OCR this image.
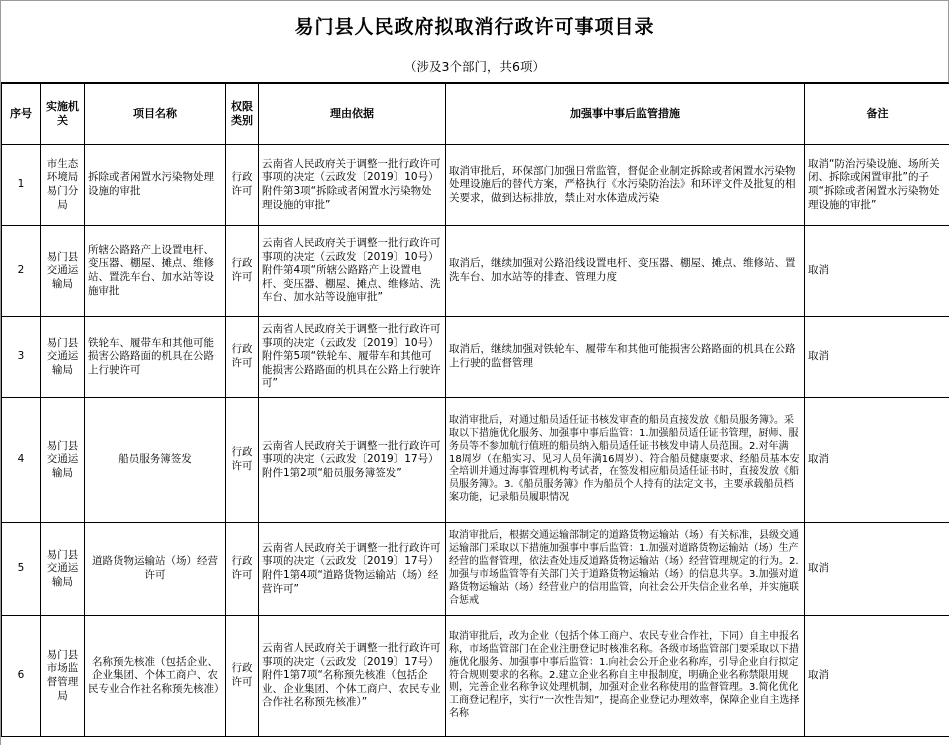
易门县人民政府拟取消行政许可事项目录
（涉及3个部门，共6项）
序号	实施机关	项目名称	权限类别	理由依据	加强事中事后监管措施	备注
1	市生态环境局易门分局	拆除或者闲置水污染物处理设施的审批	行政许可	云南省人民政府关于调整一批行政许可事项的决定（云政发〔2019〕10号）附件第3项“拆除或者闲置水污染物处理设施的审批”	取消审批后，环保部门加强日常监管，督促企业制定拆除或者闲置水污染物处理设施后的替代方案，严格执行《水污染防治法》和环评文件及批复的相关要求，做到达标排放，禁止对水体造成污染	取消“防治污染设施、场所关闭、拆除或闲置审批”的子项“拆除或者闲置水污染物处理设施的审批”
2	易门县交通运输局	所辖公路路产上设置电杆、变压器、棚屋、摊点、维修站、置洗车台、加水站等设施审批	行政许可	云南省人民政府关于调整一批行政许可事项的决定（云政发〔2019〕10号）附件第4项“所辖公路路产上设置电杆、变压器、棚屋、摊点、维修站、洗车台、加水站等设施审批”	取消后，继续加强对公路沿线设置电杆、变压器、棚屋、摊点、维修站、置洗车台、加水站等的排查、管理力度	取消
3	易门县交通运输局	铁轮车、履带车和其他可能损害公路路面的机具在公路上行驶许可	行政许可	云南省人民政府关于调整一批行政许可事项的决定（云政发〔2019〕10号）附件第5项“铁轮车、履带车和其他可能损害公路路面的机具在公路上行驶许可”	取消后，继续加强对铁轮车、履带车和其他可能损害公路路面的机具在公路上行驶的监督管理	取消
4	易门县交通运输局	船员服务簿签发	行政许可	云南省人民政府关于调整一批行政许可事项的决定（云政发〔2019〕17号）附件1第2项“船员服务簿签发”	取消审批后，对通过船员适任证书核发审查的船员直接发放《船员服务簿》。采取以下措施优化服务、加强事中事后监管：1.加强船员适任证书管理，厨师、服务员等不参加航行值班的船员纳入船员适任证书核发申请人员范围。2.对年满18周岁（在船实习、见习人员年满16周岁）、符合船员健康要求、经船员基本安全培训并通过海事管理机构考试者，在签发相应船员适任证书时，直接发放《船员服务簿》。3.《船员服务簿》作为船员个人持有的法定文书，主要承载船员档案功能，记录船员履职情况	取消
5	易门县交通运输局	道路货物运输站（场）经营许可	行政许可	云南省人民政府关于调整一批行政许可事项的决定（云政发〔2019〕17号）附件1第4项“道路货物运输站（场）经营许可”	取消审批后，根据交通运输部制定的道路货物运输站（场）有关标准，县级交通运输部门采取以下措施加强事中事后监管：1.加强对道路货物运输站（场）生产经营的监督管理，依法查处违反道路货物运输站（场）经营管理规定的行为。2.加强与市场监管等有关部门关于道路货物运输站（场）的信息共享。3.加强对道路货物运输站（场）经营业户的信用监管，向社会公开失信企业名单，并实施联合惩戒	取消
6	易门县市场监督管理局	名称预先核准（包括企业、企业集团、个体工商户、农民专业合作社名称预先核准）	行政许可	云南省人民政府关于调整一批行政许可事项的决定（云政发〔2019〕17号）附件1第7项“名称预先核准（包括企业、企业集团、个体工商户、农民专业合作社名称预先核准）”	取消审批后，改为企业（包括个体工商户、农民专业合作社，下同）自主申报名称，市场监管部门在企业注册登记时核准名称。各级市场监管部门要采取以下措施优化服务、加强事中事后监管：1.向社会公开企业名称库，引导企业自行拟定符合规则要求的名称。2.建立企业名称自主申报制度，明确企业名称禁限用规则，完善企业名称争议处理机制，加强对企业名称使用的监督管理。3.简化优化工商登记程序，实行“一次性告知”，提高企业登记办理效率，保障企业自主选择名称	取消
